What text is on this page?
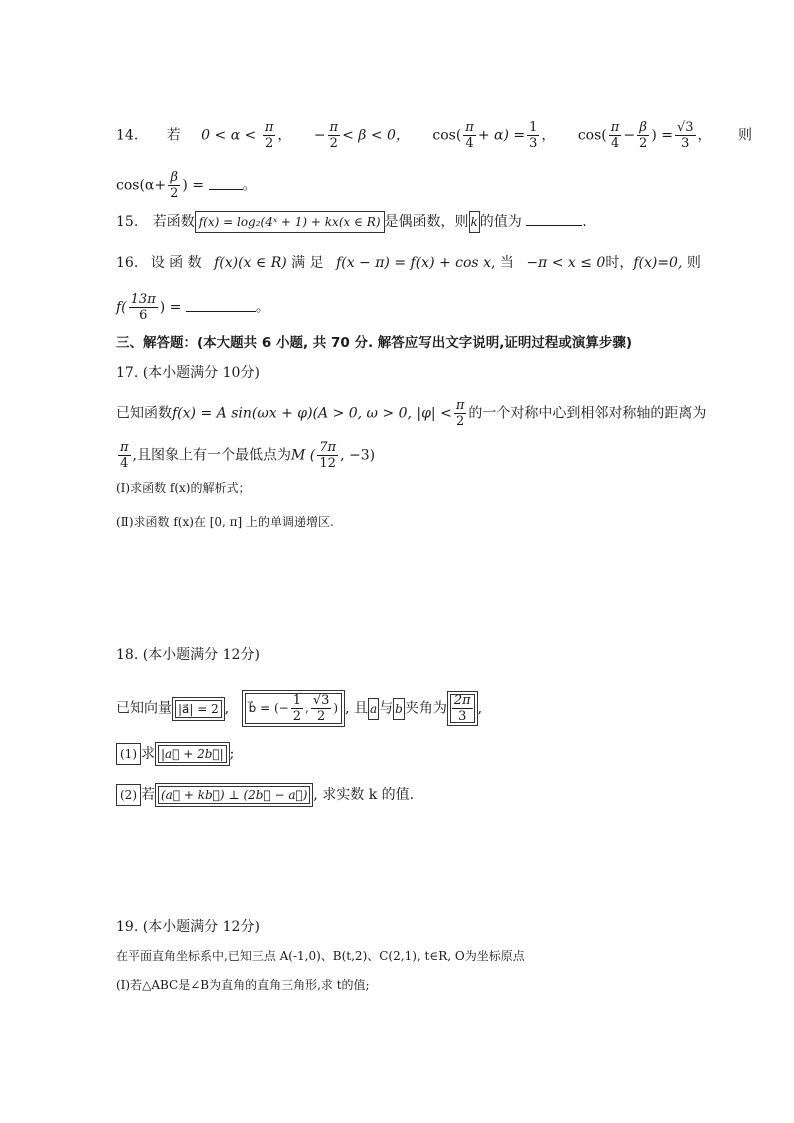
14. 若 $0 < \alpha < \frac{\pi}{2}$ ， − $\frac{\pi}{2} < \beta < 0$， $\cos( \frac{\pi}{4} + \alpha) = \frac{1}{3}$ ， $\cos( \frac{\pi}{4} - \frac{\beta}{2}$ ) = $\frac{√3}{3}$ ， 则
$\cos(\alpha+ \frac{\beta}{2}$ ) =	。
15. 若函数 f(x) = log₂(4ˣ + 1) + kx(x ∈ R) 是偶函数，则 k 的值为	.
16. 设 函 数 f(x)(x ∈ R) 满 足 f(x − π) = f(x) + cos x, 当 −π < x ≤ 0时，f(x)=0, 则
$f( \frac{13\pi}{6}$ ) =	。
三、解答题：(本大题共 6 小题, 共 70 分. 解答应写出文字说明,证明过程或演算步骤)
17. (本小题满分 10分)
已知函数f(x) = A sin(ωx + φ)(A > 0, ω > 0, $|\varphi| < \frac{\pi}{2}$ 的一个对称中心到相邻对称轴的距离为
$\frac{\pi}{4}$ ,且图象上有一个最低点为M ( $\frac{7\pi}{12}$ , −3)
(I)求函数 f(x)的解析式；
(Ⅱ)求函数 f(x)在 [0, π] 上的单调递增区.
18. (本小题满分 12分)
已知向量 |a⃗| = 2 , b⃗ = (− $\frac{1}{2}$ , $\frac{√3}{2}$ ) , 且 a 与 b 夹角为 $\frac{2\pi}{3}$ ,
(1) 求 |a⃗ + 2b⃗| ;
(2) 若 (a⃗ + kb⃗) ⊥ (2b⃗ − a⃗) , 求实数 k 的值.
19. (本小题满分 12分)
在平面直角坐标系中,已知三点 A(-1,0)、B(t,2)、C(2,1), t∈R, O为坐标原点
(I)若△ABC是∠B为直角的直角三角形,求 t的值;
